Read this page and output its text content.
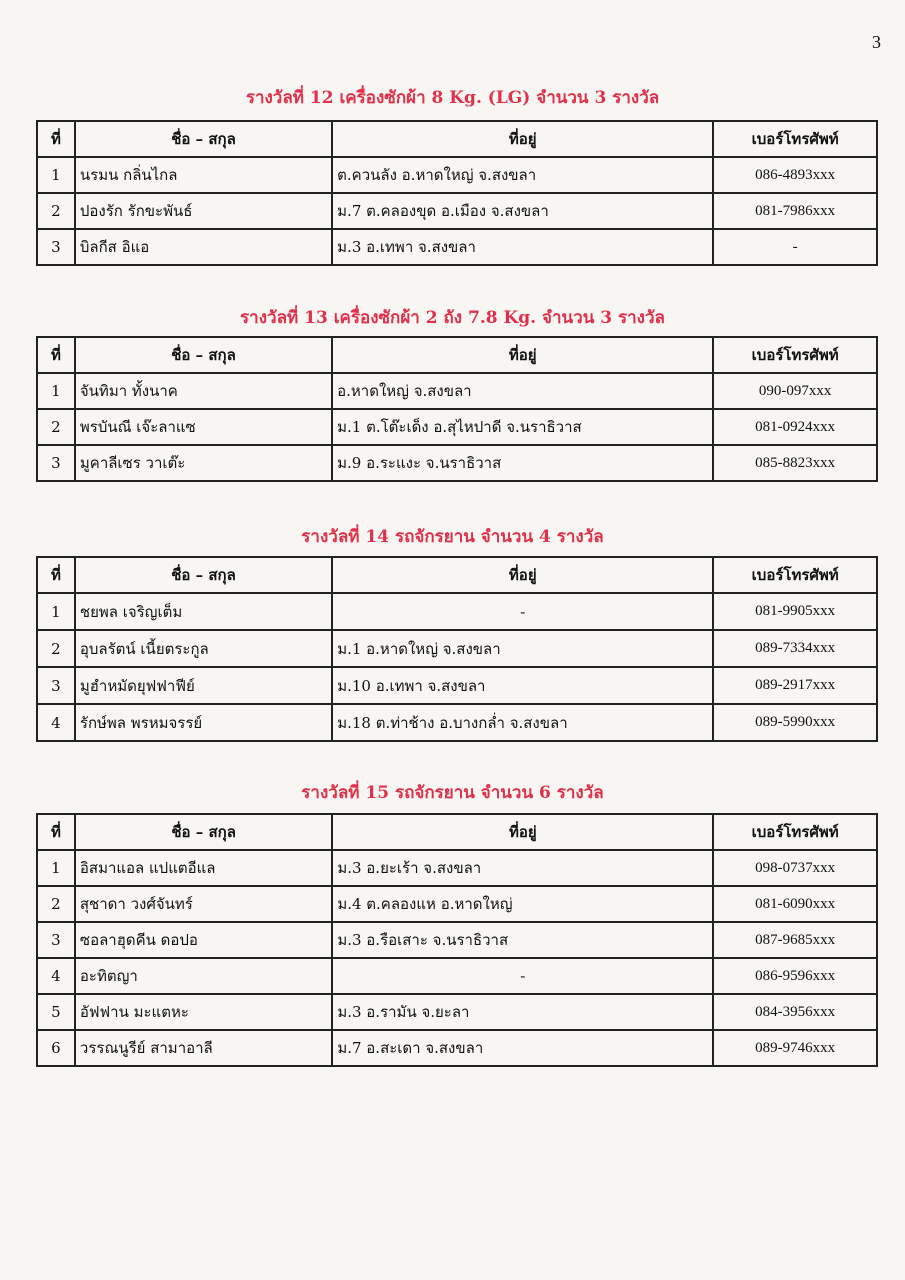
3
รางวัลที่ 12 เครื่องซักผ้า 8 Kg. (LG) จำนวน 3 รางวัล
ที่	ชื่อ – สกุล	ที่อยู่	เบอร์โทรศัพท์
1	นรมน กลิ่นไกล	ต.ควนลัง อ.หาดใหญ่ จ.สงขลา	086-4893xxx
2	ปองรัก รักขะพันธ์	ม.7 ต.คลองขุด อ.เมือง จ.สงขลา	081-7986xxx
3	บิลกีส อิแอ	ม.3 อ.เทพา จ.สงขลา	-
รางวัลที่ 13 เครื่องซักผ้า 2 ถัง 7.8 Kg. จำนวน 3 รางวัล
ที่	ชื่อ – สกุล	ที่อยู่	เบอร์โทรศัพท์
1	จันทิมา ทั้งนาค	อ.หาดใหญ่ จ.สงขลา	090-097xxx
2	พรบันณี เจ๊ะลาแซ	ม.1 ต.โต๊ะเด็ง อ.สุไหปาดี จ.นราธิวาส	081-0924xxx
3	มูคาลีเซร วาเต๊ะ	ม.9 อ.ระแงะ จ.นราธิวาส	085-8823xxx
รางวัลที่ 14 รถจักรยาน จำนวน 4 รางวัล
ที่	ชื่อ – สกุล	ที่อยู่	เบอร์โทรศัพท์
1	ชยพล เจริญเต็ม	-	081-9905xxx
2	อุบลรัตน์ เนี้ยตระกูล	ม.1 อ.หาดใหญ่ จ.สงขลา	089-7334xxx
3	มูฮำหมัดยุฟฟาฟีย์	ม.10 อ.เทพา จ.สงขลา	089-2917xxx
4	รักษ์พล พรหมจรรย์	ม.18 ต.ท่าช้าง อ.บางกล่ำ จ.สงขลา	089-5990xxx
รางวัลที่ 15 รถจักรยาน จำนวน 6 รางวัล
ที่	ชื่อ – สกุล	ที่อยู่	เบอร์โทรศัพท์
1	อิสมาแอล แปแตอีแล	ม.3 อ.ยะเร้า จ.สงขลา	098-0737xxx
2	สุชาดา วงศ์จันทร์	ม.4 ต.คลองแห อ.หาดใหญ่	081-6090xxx
3	ซอลาฮุดคีน ดอปอ	ม.3 อ.รือเสาะ จ.นราธิวาส	087-9685xxx
4	อะทิตญา	-	086-9596xxx
5	อัฟฟาน มะแตหะ	ม.3 อ.รามัน จ.ยะลา	084-3956xxx
6	วรรณนูรีย์ สามาอาลี	ม.7 อ.สะเดา จ.สงขลา	089-9746xxx
